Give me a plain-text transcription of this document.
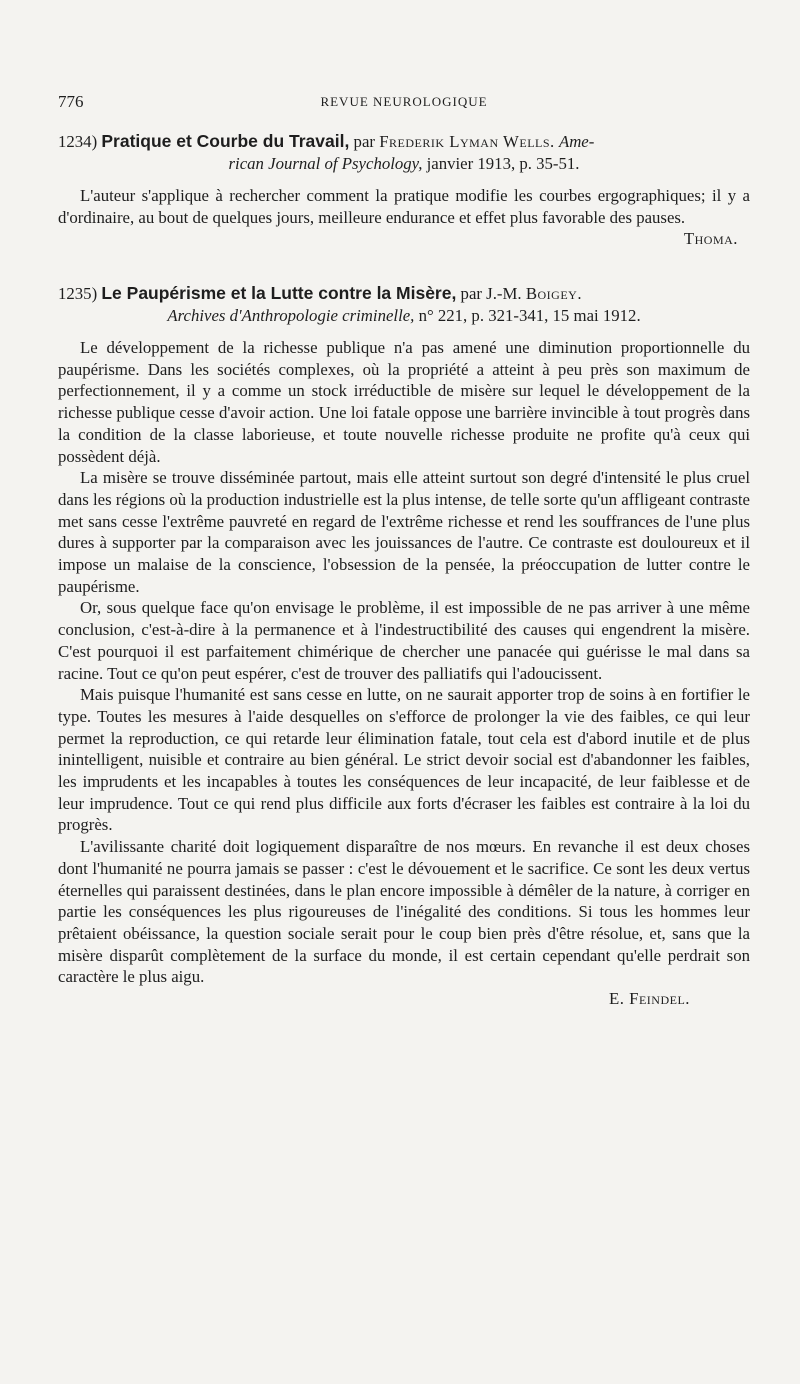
776	REVUE NEUROLOGIQUE
1234) Pratique et Courbe du Travail, par Frederik Lyman Wells. Ame-
rican Journal of Psychology, janvier 1913, p. 35-51.

L'auteur s'applique à rechercher comment la pratique modifie les courbes ergographiques; il y a d'ordinaire, au bout de quelques jours, meilleure endurance et effet plus favorable des pauses.

Thoma.
1235) Le Paupérisme et la Lutte contre la Misère, par J.-M. Boigey.
Archives d'Anthropologie criminelle, n° 221, p. 321-341, 15 mai 1912.

Le développement de la richesse publique n'a pas amené une diminution proportionnelle du paupérisme. Dans les sociétés complexes, où la propriété a atteint à peu près son maximum de perfectionnement, il y a comme un stock irréductible de misère sur lequel le développement de la richesse publique cesse d'avoir action. Une loi fatale oppose une barrière invincible à tout progrès dans la condition de la classe laborieuse, et toute nouvelle richesse produite ne profite qu'à ceux qui possèdent déjà.

La misère se trouve disséminée partout, mais elle atteint surtout son degré d'intensité le plus cruel dans les régions où la production industrielle est la plus intense, de telle sorte qu'un affligeant contraste met sans cesse l'extrême pauvreté en regard de l'extrême richesse et rend les souffrances de l'une plus dures à supporter par la comparaison avec les jouissances de l'autre. Ce contraste est douloureux et il impose un malaise de la conscience, l'obsession de la pensée, la préoccupation de lutter contre le paupérisme.

Or, sous quelque face qu'on envisage le problème, il est impossible de ne pas arriver à une même conclusion, c'est-à-dire à la permanence et à l'indestructibilité des causes qui engendrent la misère. C'est pourquoi il est parfaitement chimérique de chercher une panacée qui guérisse le mal dans sa racine. Tout ce qu'on peut espérer, c'est de trouver des palliatifs qui l'adoucissent.

Mais puisque l'humanité est sans cesse en lutte, on ne saurait apporter trop de soins à en fortifier le type. Toutes les mesures à l'aide desquelles on s'efforce de prolonger la vie des faibles, ce qui leur permet la reproduction, ce qui retarde leur élimination fatale, tout cela est d'abord inutile et de plus inintelligent, nuisible et contraire au bien général. Le strict devoir social est d'abandonner les faibles, les imprudents et les incapables à toutes les conséquences de leur incapacité, de leur faiblesse et de leur imprudence. Tout ce qui rend plus difficile aux forts d'écraser les faibles est contraire à la loi du progrès.

L'avilissante charité doit logiquement disparaître de nos mœurs. En revanche il est deux choses dont l'humanité ne pourra jamais se passer : c'est le dévouement et le sacrifice. Ce sont les deux vertus éternelles qui paraissent destinées, dans le plan encore impossible à démêler de la nature, à corriger en partie les conséquences les plus rigoureuses de l'inégalité des conditions. Si tous les hommes leur prêtaient obéissance, la question sociale serait pour le coup bien près d'être résolue, et, sans que la misère disparût complètement de la surface du monde, il est certain cependant qu'elle perdrait son caractère le plus aigu.

E. Feindel.
